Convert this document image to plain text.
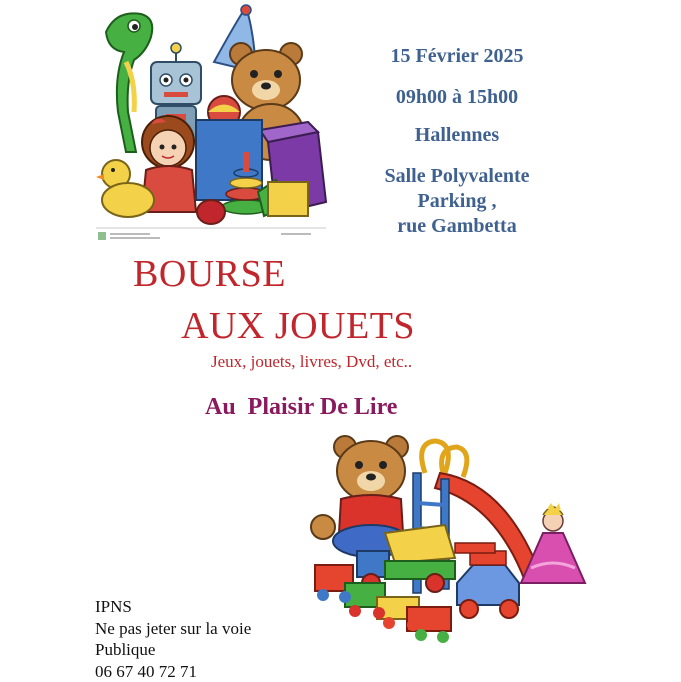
15 Février 2025
09h00 à 15h00
Hallennes
Salle Polyvalente
Parking ,
rue Gambetta
BOURSE
AUX JOUETS
Jeux, jouets, livres, Dvd, etc..
Au  Plaisir De Lire
IPNS
Ne pas jeter sur la voie
Publique
06 67 40 72 71
